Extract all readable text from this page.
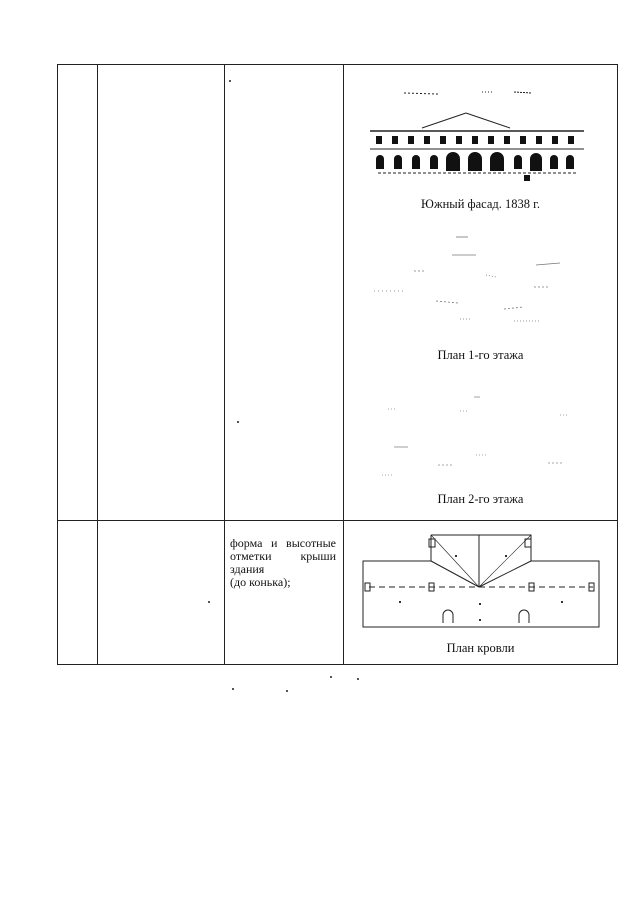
			Южный фасад. 1838 г.
План 1-го этажа
План 2-го этажа

		форма и высотные
отметки крыши
здания
(до конька);	План кровли
